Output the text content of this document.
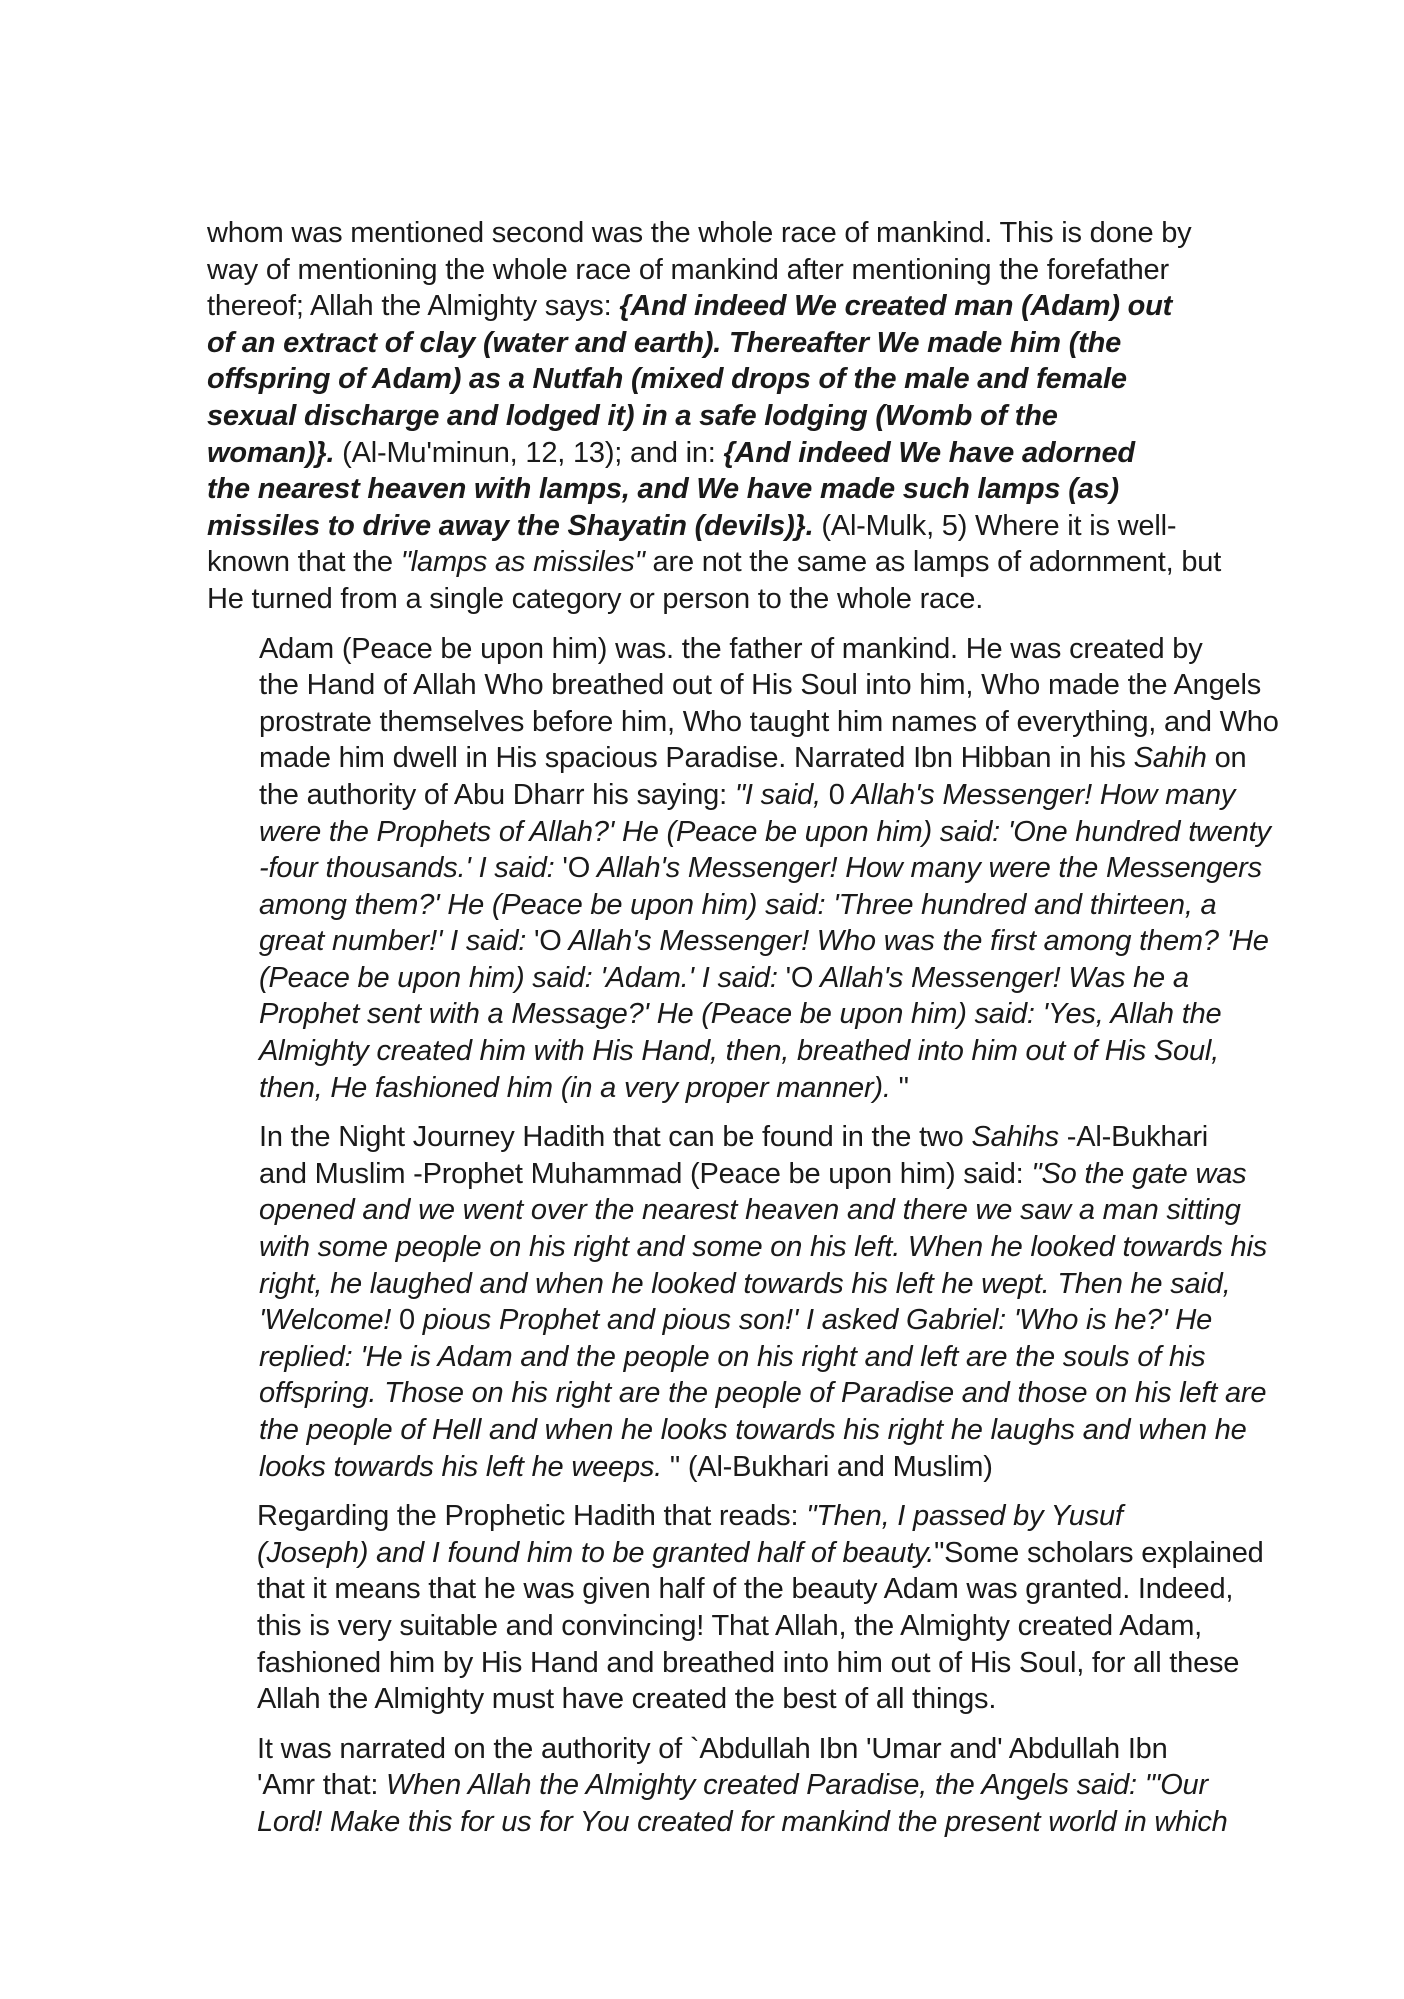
whom was mentioned second was the whole race of mankind. This is done by
way of mentioning the whole race of mankind after mentioning the forefather
thereof; Allah the Almighty says: {And indeed We created man (Adam) out
of an extract of clay (water and earth). Thereafter We made him (the
offspring of Adam) as a Nutfah (mixed drops of the male and female
sexual discharge and lodged it) in a safe lodging (Womb of the
woman)}. (Al-Mu'minun, 12, 13); and in: {And indeed We have adorned
the nearest heaven with lamps, and We have made such lamps (as)
missiles to drive away the Shayatin (devils)}. (Al-Mulk, 5) Where it is well-
known that the "lamps as missiles" are not the same as lamps of adornment, but
He turned from a single category or person to the whole race.
Adam (Peace be upon him) was. the father of mankind. He was created by
the Hand of Allah Who breathed out of His Soul into him, Who made the Angels
prostrate themselves before him, Who taught him names of everything, and Who
made him dwell in His spacious Paradise. Narrated Ibn Hibban in his Sahih on
the authority of Abu Dharr his saying: "I said, 0 Allah's Messenger! How many
were the Prophets of Allah?' He (Peace be upon him) said: 'One hundred twenty
-four thousands.' I said: 'O Allah's Messenger! How many were the Messengers
among them?' He (Peace be upon him) said: 'Three hundred and thirteen, a
great number!' I said: 'O Allah's Messenger! Who was the first among them? 'He
(Peace be upon him) said: 'Adam.' I said: 'O Allah's Messenger! Was he a
Prophet sent with a Message?' He (Peace be upon him) said: 'Yes, Allah the
Almighty created him with His Hand, then, breathed into him out of His Soul,
then, He fashioned him (in a very proper manner). "
In the Night Journey Hadith that can be found in the two Sahihs -Al-Bukhari
and Muslim -Prophet Muhammad (Peace be upon him) said: "So the gate was
opened and we went over the nearest heaven and there we saw a man sitting
with some people on his right and some on his left. When he looked towards his
right, he laughed and when he looked towards his left he wept. Then he said,
'Welcome! 0 pious Prophet and pious son!' I asked Gabriel: 'Who is he?' He
replied: 'He is Adam and the people on his right and left are the souls of his
offspring. Those on his right are the people of Paradise and those on his left are
the people of Hell and when he looks towards his right he laughs and when he
looks towards his left he weeps. " (Al-Bukhari and Muslim)
Regarding the Prophetic Hadith that reads: "Then, I passed by Yusuf
(Joseph) and I found him to be granted half of beauty."Some scholars explained
that it means that he was given half of the beauty Adam was granted. Indeed,
this is very suitable and convincing! That Allah, the Almighty created Adam,
fashioned him by His Hand and breathed into him out of His Soul, for all these
Allah the Almighty must have created the best of all things.
It was narrated on the authority of `Abdullah Ibn 'Umar and' Abdullah Ibn
'Amr that: When Allah the Almighty created Paradise, the Angels said: "'Our
Lord! Make this for us for You created for mankind the present world in which
